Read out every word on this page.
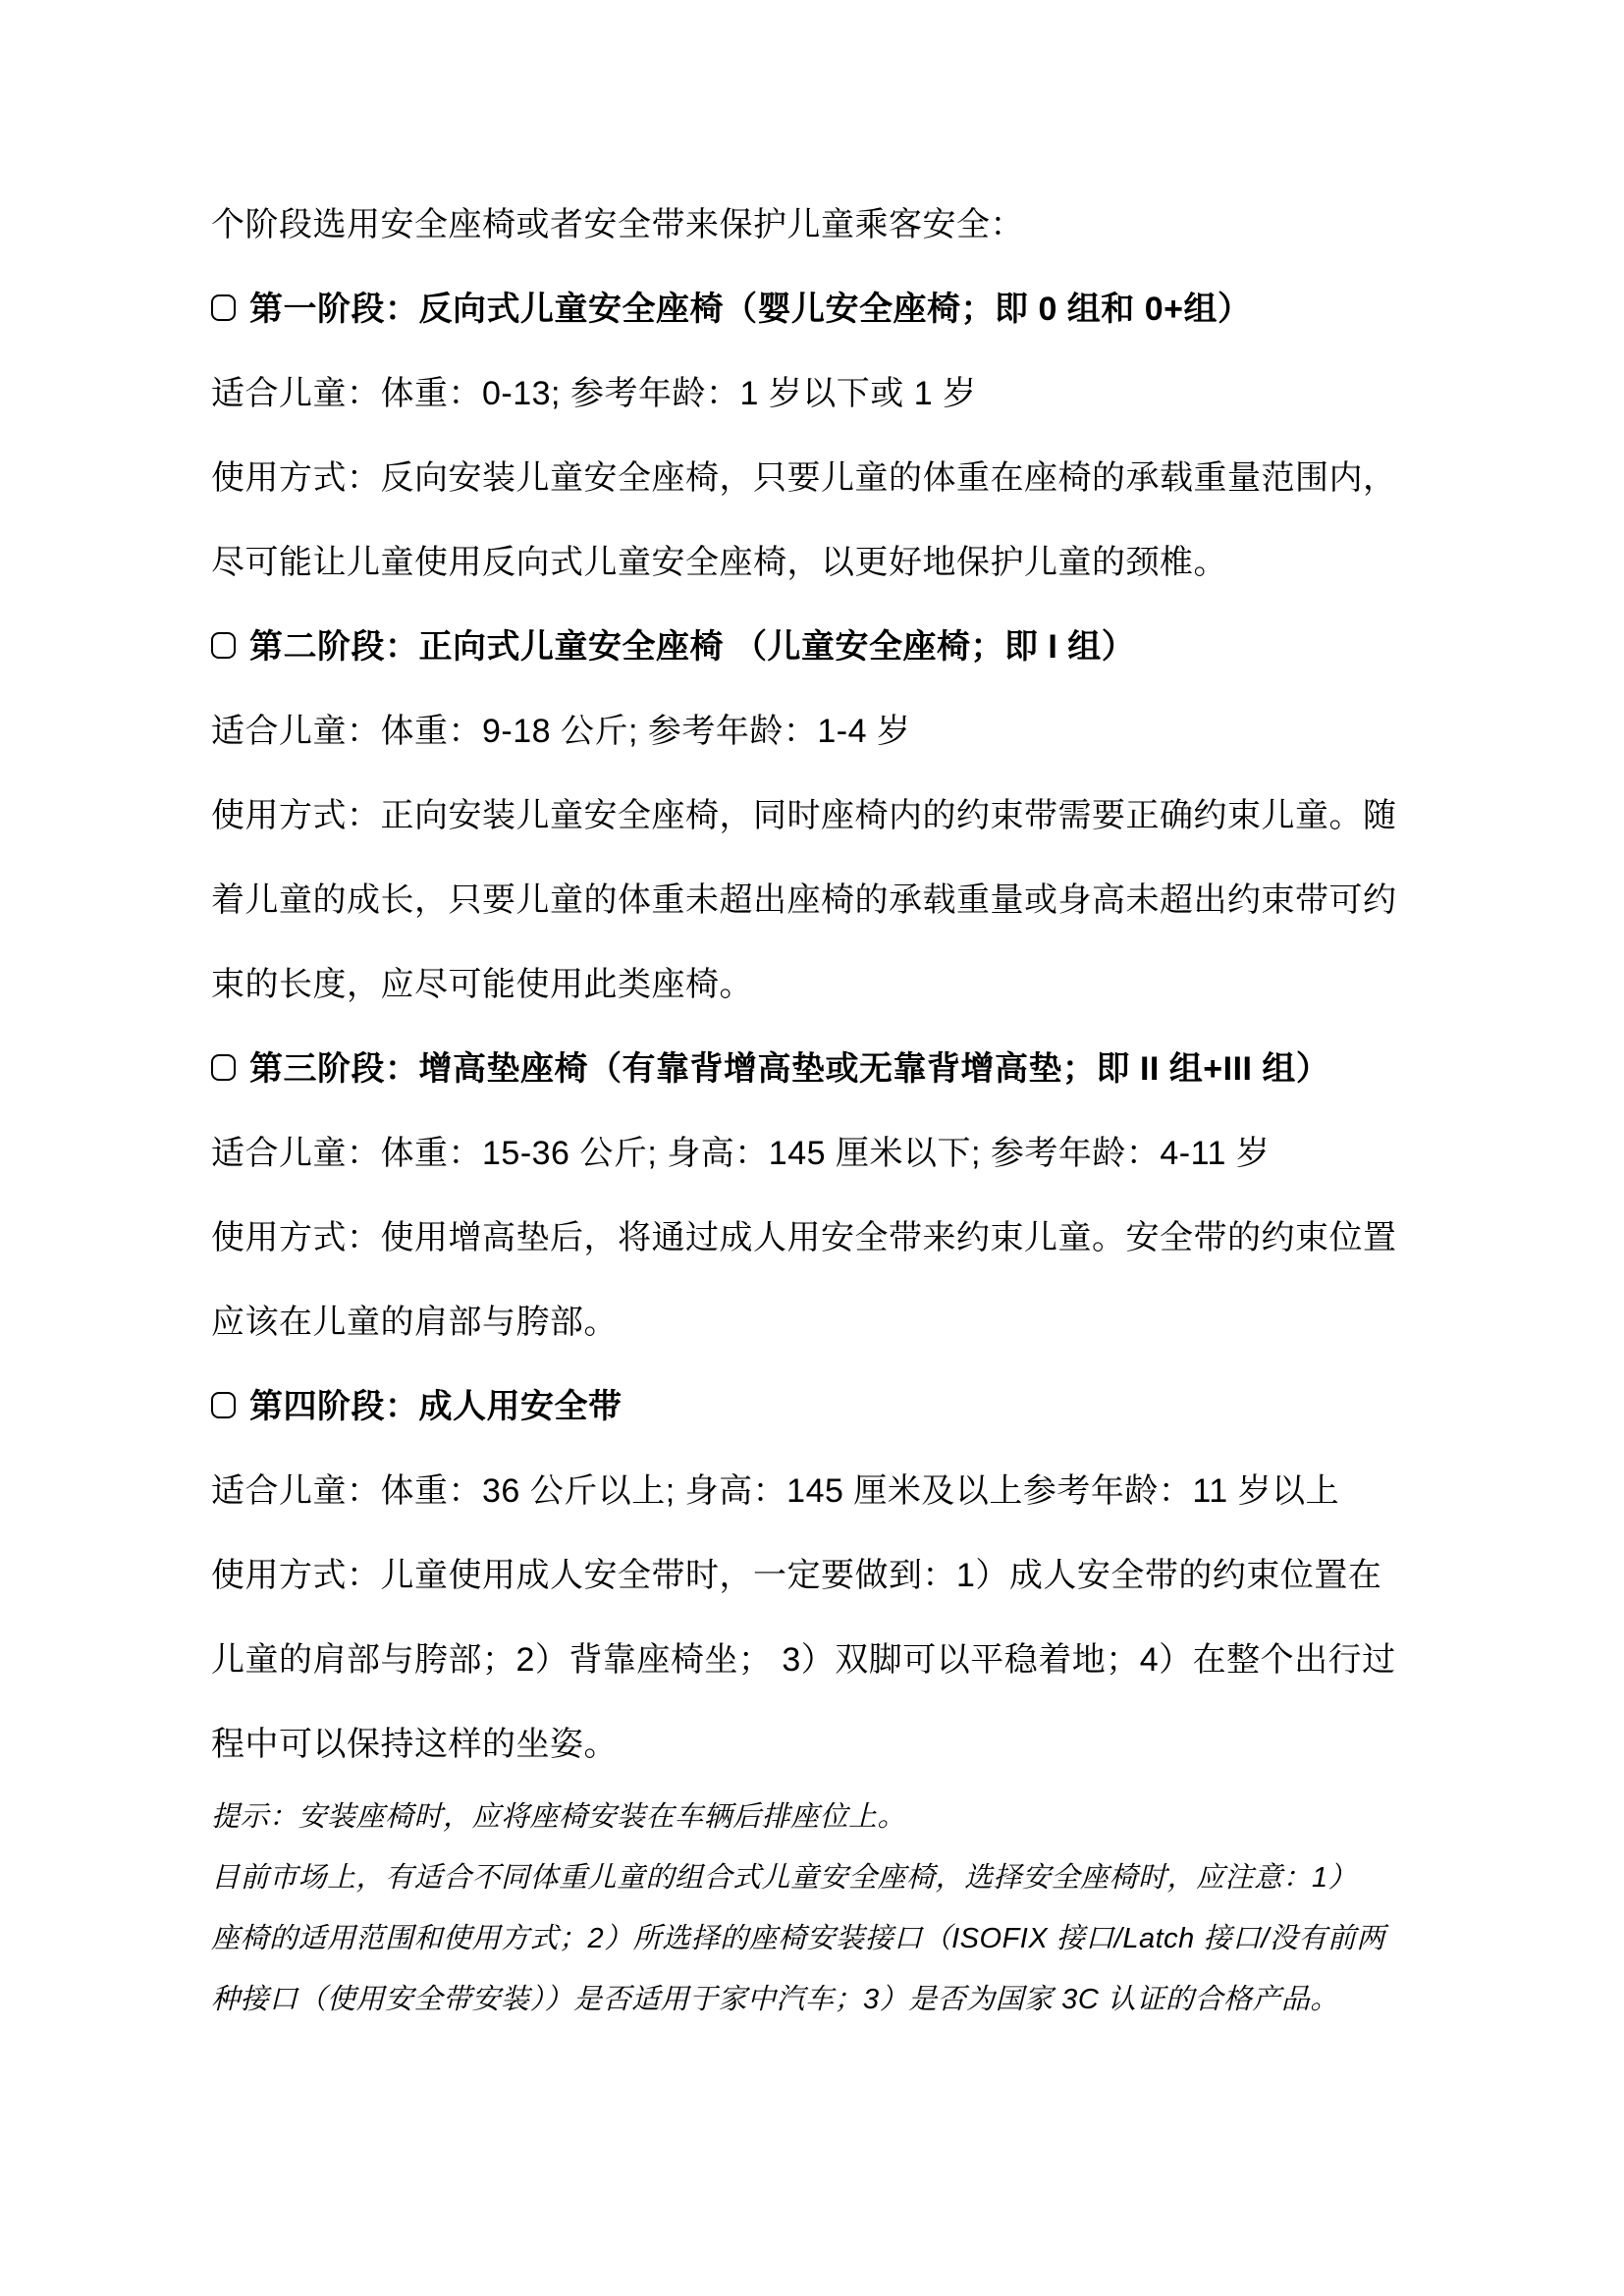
个阶段选用安全座椅或者安全带来保护儿童乘客安全：

第一阶段：反向式儿童安全座椅（婴儿安全座椅；即 0 组和 0+组）

适合儿童：体重：0-13; 参考年龄：1 岁以下或 1 岁

使用方式：反向安装儿童安全座椅，只要儿童的体重在座椅的承载重量范围内，

尽可能让儿童使用反向式儿童安全座椅，以更好地保护儿童的颈椎。

第二阶段：正向式儿童安全座椅 （儿童安全座椅；即 I 组）

适合儿童：体重：9-18 公斤; 参考年龄：1-4 岁

使用方式：正向安装儿童安全座椅，同时座椅内的约束带需要正确约束儿童。随

着儿童的成长，只要儿童的体重未超出座椅的承载重量或身高未超出约束带可约

束的长度，应尽可能使用此类座椅。

第三阶段：增高垫座椅（有靠背增高垫或无靠背增高垫；即 II 组+III 组）

适合儿童：体重：15-36 公斤; 身高：145 厘米以下; 参考年龄：4-11 岁

使用方式：使用增高垫后，将通过成人用安全带来约束儿童。安全带的约束位置

应该在儿童的肩部与胯部。

第四阶段：成人用安全带

适合儿童：体重：36 公斤以上; 身高：145 厘米及以上参考年龄：11 岁以上

使用方式：儿童使用成人安全带时，一定要做到：1）成人安全带的约束位置在

儿童的肩部与胯部；2）背靠座椅坐； 3）双脚可以平稳着地；4）在整个出行过

程中可以保持这样的坐姿。

提示：安装座椅时，应将座椅安装在车辆后排座位上。

目前市场上，有适合不同体重儿童的组合式儿童安全座椅，选择安全座椅时，应注意：1）

座椅的适用范围和使用方式；2）所选择的座椅安装接口（ISOFIX 接口/Latch 接口/没有前两

种接口（使用安全带安装））是否适用于家中汽车；3）是否为国家 3C 认证的合格产品。
